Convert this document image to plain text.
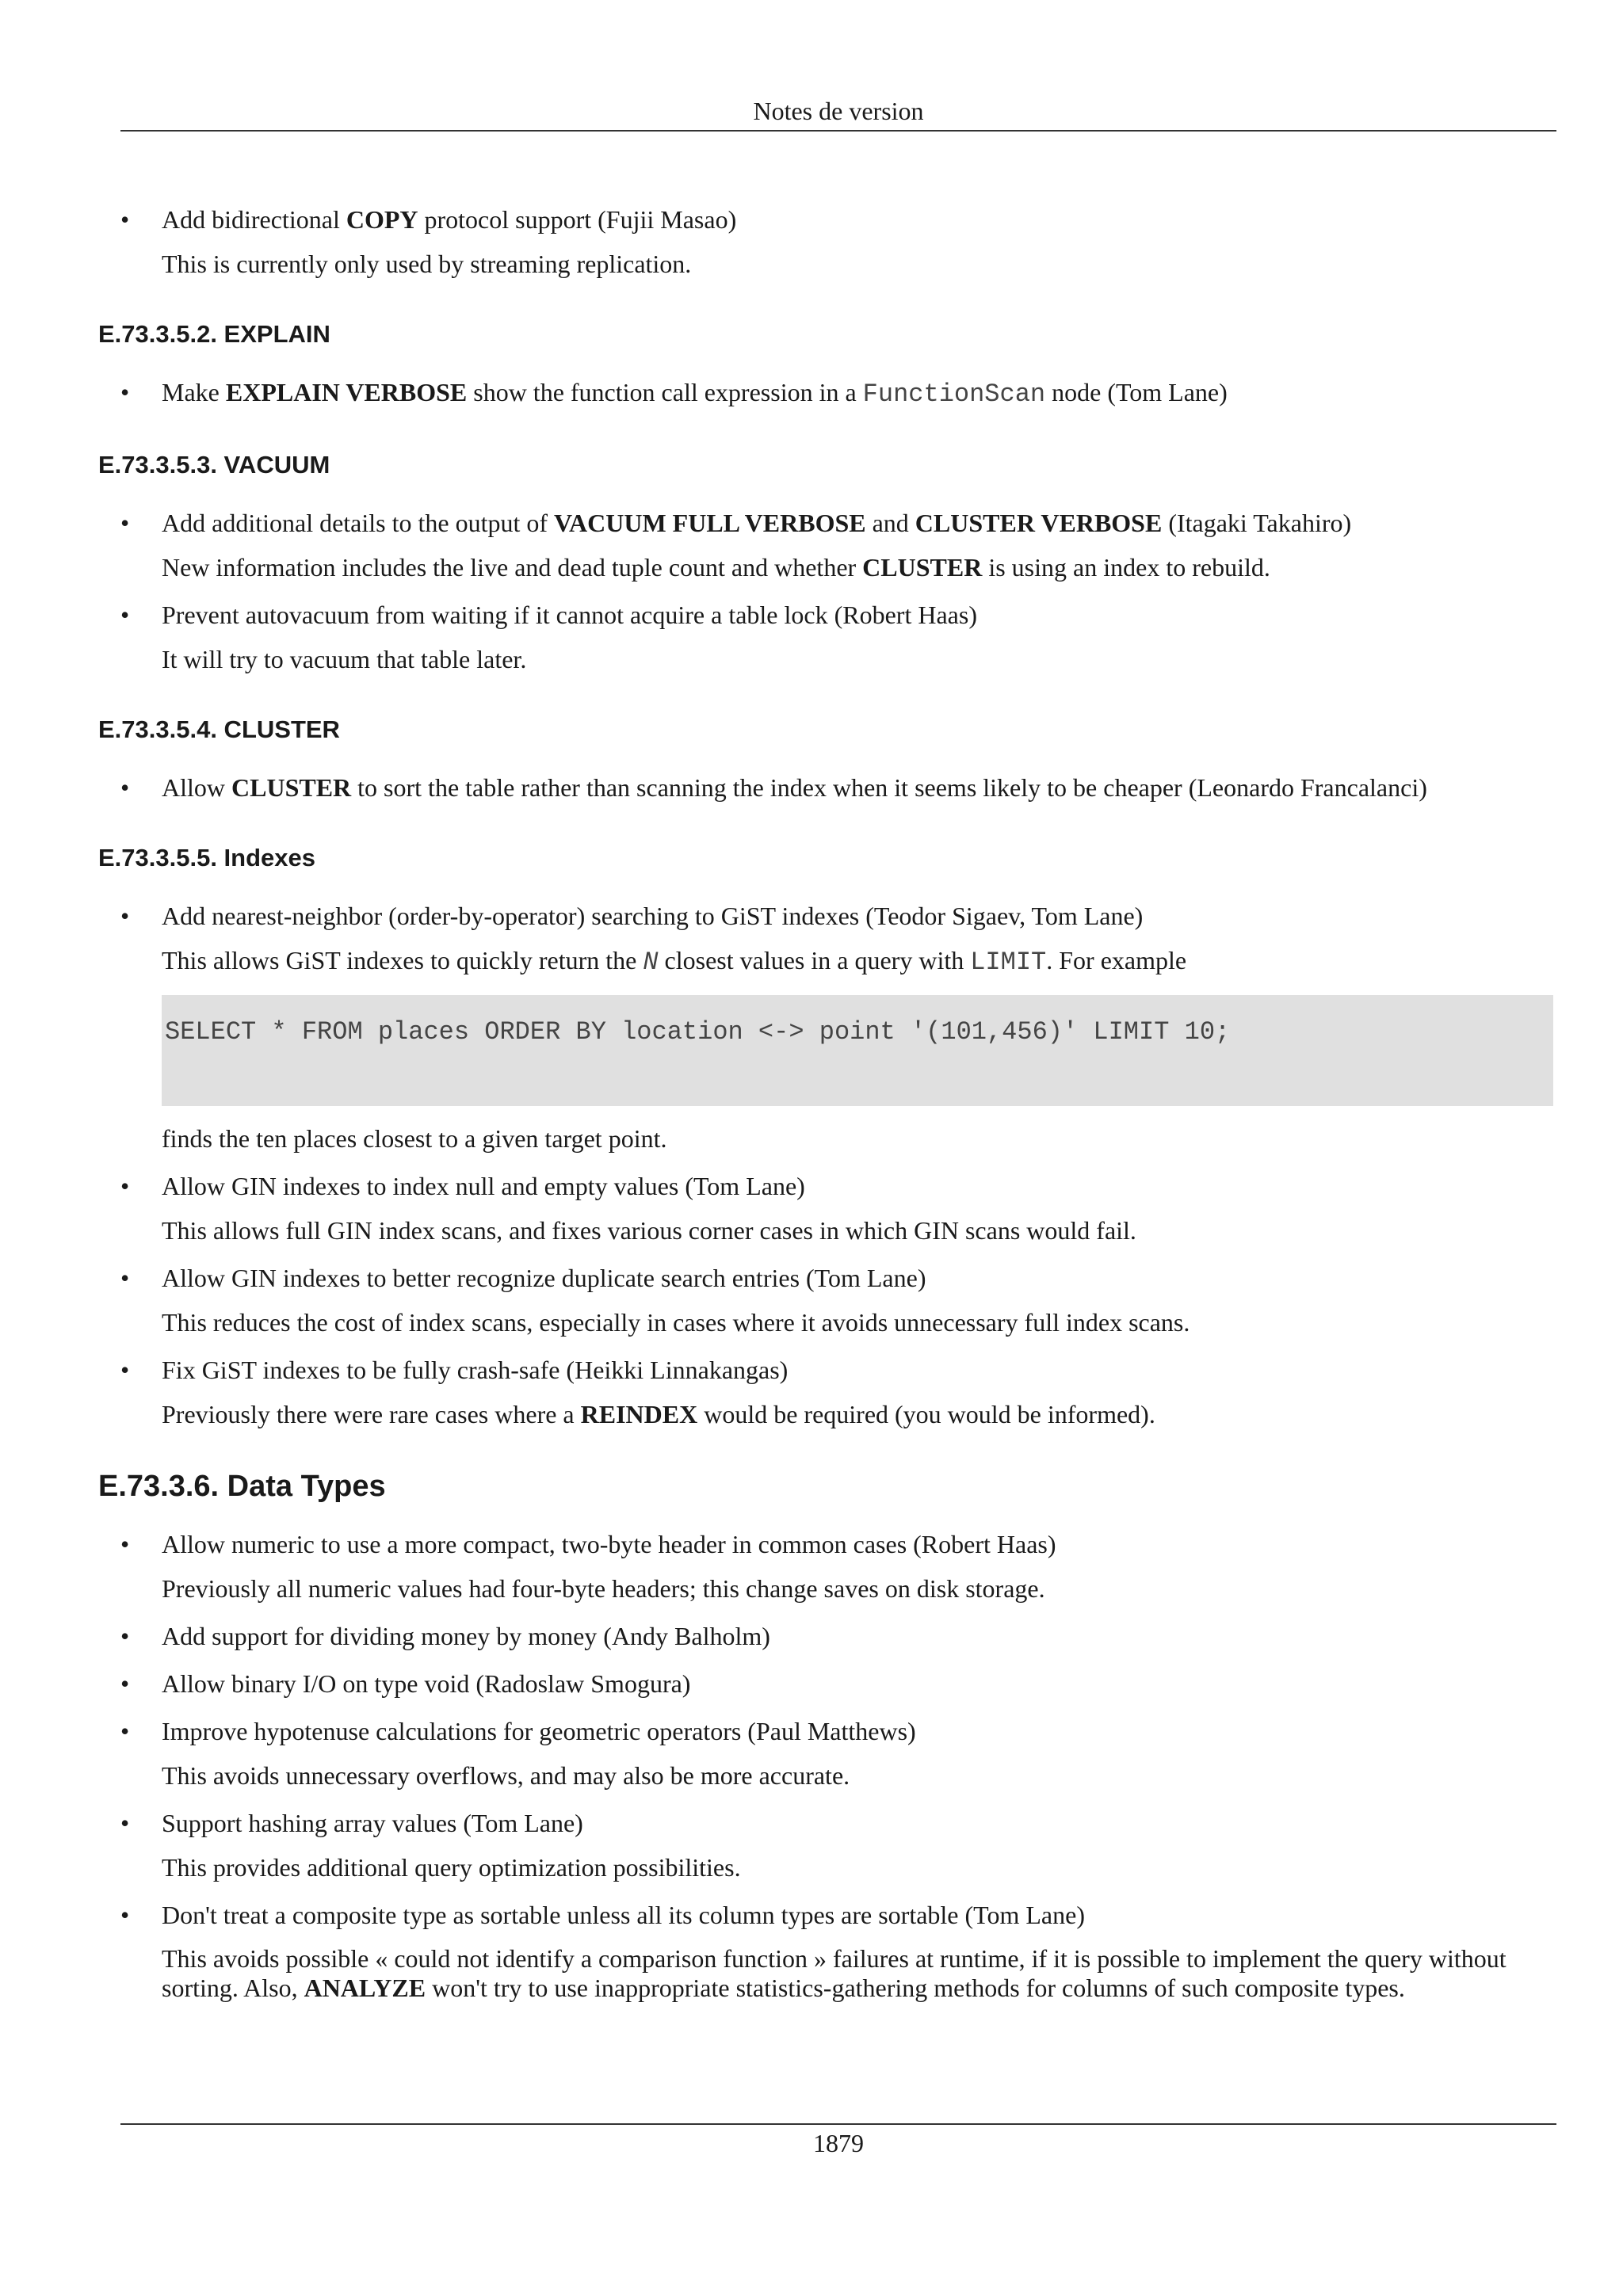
Notes de version
• Add bidirectional COPY protocol support (Fujii Masao)
This is currently only used by streaming replication.
E.73.3.5.2. EXPLAIN
• Make EXPLAIN VERBOSE show the function call expression in a FunctionScan node (Tom Lane)
E.73.3.5.3. VACUUM
• Add additional details to the output of VACUUM FULL VERBOSE and CLUSTER VERBOSE (Itagaki Takahiro)
New information includes the live and dead tuple count and whether CLUSTER is using an index to rebuild.
• Prevent autovacuum from waiting if it cannot acquire a table lock (Robert Haas)
It will try to vacuum that table later.
E.73.3.5.4. CLUSTER
• Allow CLUSTER to sort the table rather than scanning the index when it seems likely to be cheaper (Leonardo Francalanci)
E.73.3.5.5. Indexes
• Add nearest-neighbor (order-by-operator) searching to GiST indexes (Teodor Sigaev, Tom Lane)
This allows GiST indexes to quickly return the N closest values in a query with LIMIT. For example
SELECT * FROM places ORDER BY location <-> point '(101,456)' LIMIT 10;
finds the ten places closest to a given target point.
• Allow GIN indexes to index null and empty values (Tom Lane)
This allows full GIN index scans, and fixes various corner cases in which GIN scans would fail.
• Allow GIN indexes to better recognize duplicate search entries (Tom Lane)
This reduces the cost of index scans, especially in cases where it avoids unnecessary full index scans.
• Fix GiST indexes to be fully crash-safe (Heikki Linnakangas)
Previously there were rare cases where a REINDEX would be required (you would be informed).
E.73.3.6. Data Types
• Allow numeric to use a more compact, two-byte header in common cases (Robert Haas)
Previously all numeric values had four-byte headers; this change saves on disk storage.
• Add support for dividing money by money (Andy Balholm)
• Allow binary I/O on type void (Radoslaw Smogura)
• Improve hypotenuse calculations for geometric operators (Paul Matthews)
This avoids unnecessary overflows, and may also be more accurate.
• Support hashing array values (Tom Lane)
This provides additional query optimization possibilities.
• Don't treat a composite type as sortable unless all its column types are sortable (Tom Lane)
This avoids possible « could not identify a comparison function » failures at runtime, if it is possible to implement the query without sorting. Also, ANALYZE won't try to use inappropriate statistics-gathering methods for columns of such composite types.
1879
